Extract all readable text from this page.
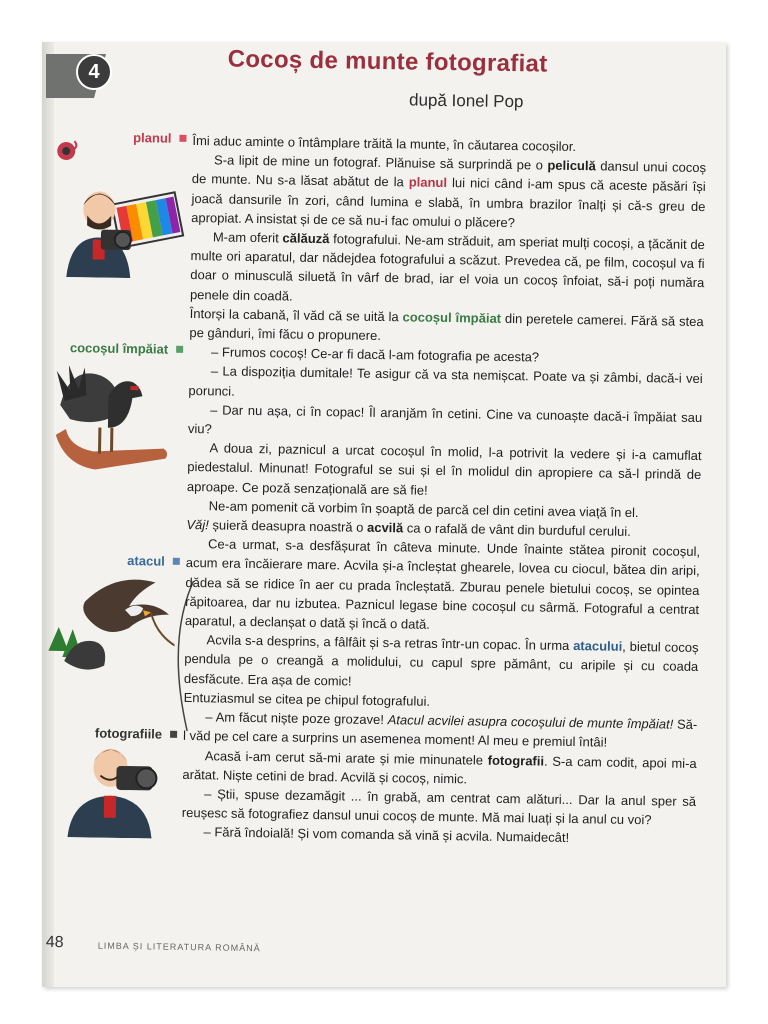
4	Cocoș de munte fotografiat
după Ionel Pop
planul
cocoșul împăiat
atacul
fotografiile

Îmi aduc aminte o întâmplare trăită la munte, în căutarea cocoșilor.

S-a lipit de mine un fotograf. Plănuise să surprindă pe o peliculă dansul unui cocoș de munte. Nu s-a lăsat abătut de la planul lui nici când i-am spus că aceste păsări își joacă dansurile în zori, când lumina e slabă, în umbra brazilor înalți și că-s greu de apropiat. A insistat și de ce să nu-i fac omului o plăcere?

M-am oferit călăuză fotografului. Ne-am străduit, am speriat mulți cocoși, a țăcănit de multe ori aparatul, dar nădejdea fotografului a scăzut. Prevedea că, pe film, cocoșul va fi doar o minusculă siluetă în vârf de brad, iar el voia un cocoș înfoiat, să-i poți număra penele din coadă.

Întorși la cabană, îl văd că se uită la cocoșul împăiat din peretele camerei. Fără să stea pe gânduri, îmi făcu o propunere.

– Frumos cocoș! Ce-ar fi dacă l-am fotografia pe acesta?

– La dispoziția dumitale! Te asigur că va sta nemișcat. Poate va și zâmbi, dacă-i vei porunci.

– Dar nu așa, ci în copac! Îl aranjăm în cetini. Cine va cunoaște dacă-i împăiat sau viu?

A doua zi, paznicul a urcat cocoșul în molid, l-a potrivit la vedere și i-a camuflat piedestalul. Minunat! Fotograful se sui și el în molidul din apropiere ca să-l prindă de aproape. Ce poză senzațională are să fie!

Ne-am pomenit că vorbim în șoaptă de parcă cel din cetini avea viață în el.

Văj! șuieră deasupra noastră o acvilă ca o rafală de vânt din burduful cerului.

Ce-a urmat, s-a desfășurat în câteva minute. Unde înainte stătea pironit cocoșul, acum era încăierare mare. Acvila și-a încleștat ghearele, lovea cu ciocul, bătea din aripi, dădea să se ridice în aer cu prada încleștată. Zburau penele bietului cocoș, se opintea răpitoarea, dar nu izbutea. Paznicul legase bine cocoșul cu sârmă. Fotograful a centrat aparatul, a declanșat o dată și încă o dată.

Acvila s-a desprins, a fâlfâit și s-a retras într-un copac. În urma atacului, bietul cocoș pendula pe o creangă a molidului, cu capul spre pământ, cu aripile și cu coada desfăcute. Era așa de comic!

Entuziasmul se citea pe chipul fotografului.

– Am făcut niște poze grozave! Atacul acvilei asupra cocoșului de munte împăiat! Să-l văd pe cel care a surprins un asemenea moment! Al meu e premiul întâi!

Acasă i-am cerut să-mi arate și mie minunatele fotografii. S-a cam codit, apoi mi-a arătat. Niște cetini de brad. Acvilă și cocoș, nimic.

– Știi, spuse dezamăgit ... în grabă, am centrat cam alături... Dar la anul sper să reușesc să fotografiez dansul unui cocoș de munte. Mă mai luați și la anul cu voi?

– Fără îndoială! Și vom comanda să vină și acvila. Numaidecât!

48	LIMBA ȘI LITERATURA ROMÂNĂ
